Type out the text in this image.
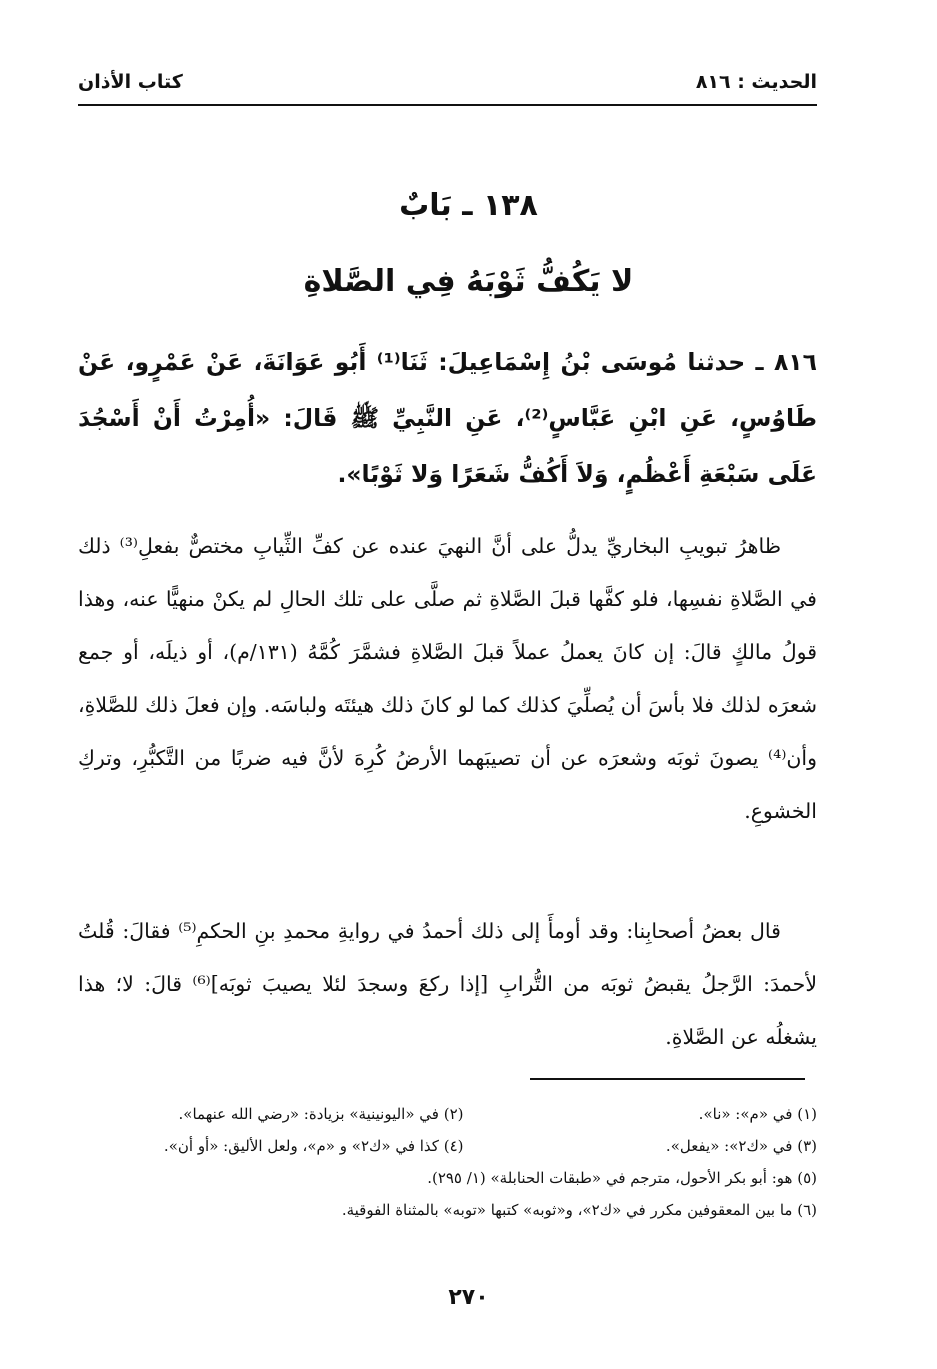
الحديث : ٨١٦
كتاب الأذان
١٣٨ ـ بَابٌ
لا يَكُفُّ ثَوْبَهُ فِي الصَّلاةِ
٨١٦ ـ حدثنا مُوسَى بْنُ إِسْمَاعِيلَ: ثَنَا⁽¹⁾ أَبُو عَوَانَةَ، عَنْ عَمْرٍو، عَنْ طَاوُسٍ، عَنِ ابْنِ عَبَّاسٍ⁽²⁾، عَنِ النَّبِيِّ ﷺ قَالَ: «أُمِرْتُ أَنْ أَسْجُدَ عَلَى سَبْعَةِ أَعْظُمٍ، وَلاَ أَكُفُّ شَعَرًا وَلا ثَوْبًا».
ظاهرُ تبويبِ البخاريِّ يدلُّ على أنَّ النهيَ عنده عن كفِّ الثِّيابِ مختصٌّ بفعلِ⁽³⁾ ذلك في الصَّلاةِ نفسِها، فلو كفَّها قبلَ الصَّلاةِ ثم صلَّى على تلك الحالِ لم يكنْ منهيًّا عنه، وهذا قولُ مالكٍ قالَ: إن كانَ يعملُ عملاً قبلَ الصَّلاةِ فشمَّرَ كُمَّهُ (١٣١/م)، أو ذيلَه، أو جمع شعرَه لذلك فلا بأسَ أن يُصلِّيَ كذلك كما لو كانَ ذلك هيئتَه ولباسَه. وإن فعلَ ذلك للصَّلاةِ، وأن⁽⁴⁾ يصونَ ثوبَه وشعرَه عن أن تصيبَهما الأرضُ كُرِهَ لأنَّ فيه ضربًا من التَّكبُّرِ، وتركِ الخشوعِ.
قال بعضُ أصحابِنا: وقد أومأَ إلى ذلك أحمدُ في روايةِ محمدِ بنِ الحكمِ⁽⁵⁾ فقالَ: قُلتُ لأحمدَ: الرَّجلُ يقبضُ ثوبَه من التُّرابِ [إذا ركعَ وسجدَ لئلا يصيبَ ثوبَه]⁽⁶⁾ قالَ: لا؛ هذا يشغلُه عن الصَّلاةِ.
(١) في «م»: «نا».
(٢) في «اليونينية» بزيادة: «رضي الله عنهما».
(٣) في «ك٢»: «يفعل».
(٤) كذا في «ك٢» و «م»، ولعل الأليق: «أو أن».
(٥) هو: أبو بكر الأحول، مترجم في «طبقات الحنابلة» (١/ ٢٩٥).
(٦) ما بين المعقوفين مكرر في «ك٢»، و«ثوبه» كتبها «توبه» بالمثناة الفوقية.
٢٧٠
